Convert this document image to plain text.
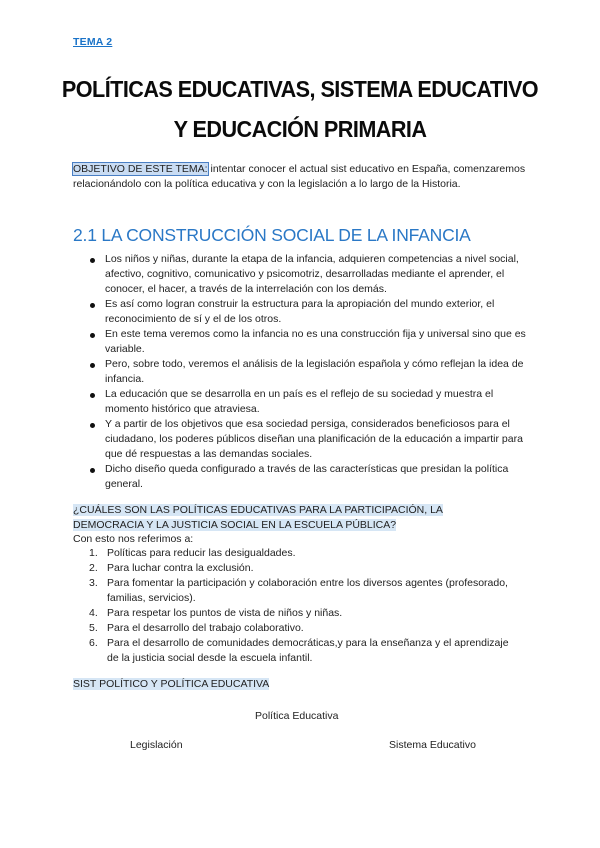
TEMA 2
POLÍTICAS EDUCATIVAS, SISTEMA EDUCATIVO
Y EDUCACIÓN PRIMARIA
OBJETIVO DE ESTE TEMA: intentar conocer el actual sist educativo en España, comenzaremos relacionándolo con la política educativa y con la legislación a lo largo de la Historia.
2.1 LA CONSTRUCCIÓN SOCIAL DE LA INFANCIA
Los niños y niñas, durante la etapa de la infancia, adquieren competencias a nivel social, afectivo, cognitivo, comunicativo y psicomotriz, desarrolladas mediante el aprender, el conocer, el hacer, a través de la interrelación con los demás.
Es así como logran construir la estructura para la apropiación del mundo exterior, el reconocimiento de sí y el de los otros.
En este tema veremos como la infancia no es una construcción fija y universal sino que es variable.
Pero, sobre todo, veremos el análisis de la legislación española y cómo reflejan la idea de infancia.
La educación que se desarrolla en un país es el reflejo de su sociedad y muestra el momento histórico que atraviesa.
Y a partir de los objetivos que esa sociedad persiga, considerados beneficiosos para el ciudadano, los poderes públicos diseñan una planificación de la educación a impartir para que dé respuestas a las demandas sociales.
Dicho diseño queda configurado a través de las características que presidan la política general.
¿CUÁLES SON LAS POLÍTICAS EDUCATIVAS PARA LA PARTICIPACIÓN, LA
DEMOCRACIA Y LA JUSTICIA SOCIAL EN LA ESCUELA PÚBLICA?
Con esto nos referimos a:
1. Políticas para reducir las desigualdades.
2. Para luchar contra la exclusión.
3. Para fomentar la participación y colaboración entre los diversos agentes (profesorado, familias, servicios).
4. Para respetar los puntos de vista de niños y niñas.
5. Para el desarrollo del trabajo colaborativo.
6. Para el desarrollo de comunidades democráticas,y para la enseñanza y el aprendizaje de la justicia social desde la escuela infantil.
SIST POLÍTICO Y POLÍTICA EDUCATIVA
Política Educativa
Legislación	Sistema Educativo
